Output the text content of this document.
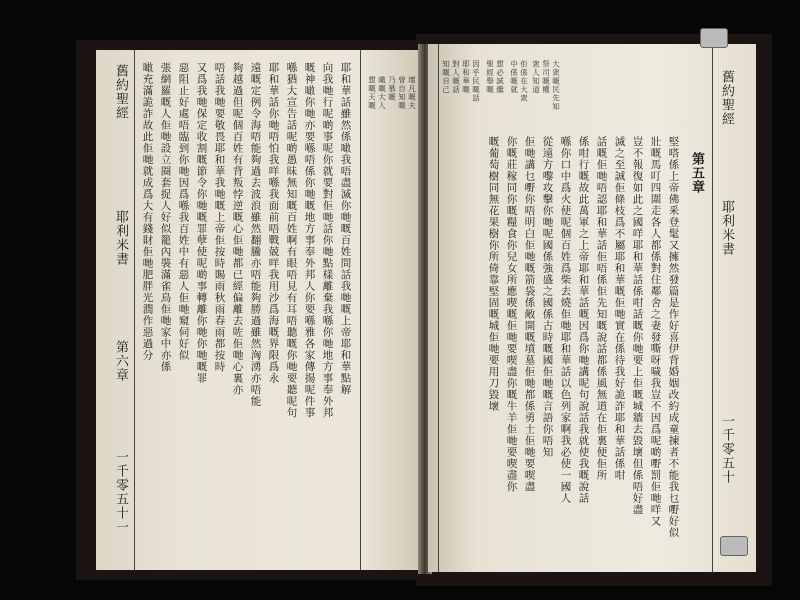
舊約聖經
耶利米書
第六章
一千零五十一
噉充滿詭詐故此佢哋就成爲大有錢財佢哋肥胖光潤作惡過分 張網羅嘅人佢哋設立圈套捉人好似籠內裝滿雀鳥佢哋家中亦係 惡阻止好處唔臨到你哋因爲喺我百姓中有惡人佢哋窺伺好似 又爲我哋保定收割嘅節令你哋嘅罪孽使呢啲事轉離你哋你哋嘅罪 唔話我哋要敬畏耶和華我哋嘅上帝佢按時賜雨秋雨春雨都按時 夠越過但呢個百姓有背叛悖逆嘅心佢哋都已經偏離去咗佢哋心裏亦 遠嘅定例令海唔能夠過去波浪雖然翻騰亦唔能夠勝過雖然洶湧亦唔能 耶和華話你哋唔怕我咩喺我面前唔戰兢咩我用沙爲海嘅界限爲永 喺猶大宣告話呢啲愚昧無知嘅百姓啊有眼唔見有耳唔聽嘅你哋要聽呢句 嘅神噉你哋亦要喺唔係你哋嘅地方事奉外邦人你要喺雅各家傳揚呢件事 向我哋行呢啲事呢你就要對佢哋話你哋點樣離棄我喺你哋地方事奉外邦 耶和華話雖然係噉我唔盡滅你哋嘅百姓問話我哋嘅上帝耶和華點解 想嘅天嘅 噉嘅大人 乃慕嘅 曾自知嘅 壞凡嘅夫	知嘅自己 對人嘅話 耶和華嘅 因乎民嘅話 聖經舉嘅 想必誠繼 中係嘅就 佢係在大衆 衆人知道 祭司嘅權 大衆嘅民先知
嘅葡萄樹同無花果樹你所倚靠堅固嘅城佢哋要用刀毀壞 你嘅莊稼同你嘅糧食你兒女所應喫嘅佢哋要喫盡你嘅牛羊佢哋要喫盡你 佢哋講乜嘢你唔明白佢哋嘅箭袋係敞開嘅墳墓佢哋都係勇士佢哋要喫盡 從遠方嚟攻擊你哋呢國係強盛之國係古時嘅國佢哋嘅言語你唔知 喺你口中爲火使呢個百姓爲柴去燒佢哋耶和華話以色列家啊我必使一國人 係咁行嘅故此萬軍之上帝耶和華話嘅因爲你哋講呢句說話我就使我嘅說話 話嘅佢哋唔認耶和華話佢唔係佢先知嘅說話都係風無道在佢裏便佢所 滅之至誠佢條枝爲不屬耶和華嘅佢哋實在係待我好詭詐耶和華話係咁 豈不報復如此之國咩耶和華話係咁話嘅你哋要上佢嘅城牆去毀壞但係唔好盡 壯嘅馬叮四圍走各人都係對住鄰舍之妻發嘶呀噦我豈不因爲呢啲嘢罰佢哋咩又 堅嗒係上帝佛釆登髦又擁然發篇是作好喜伊背婚姻改約成童揀者不能我乜嘢好似 第五章
舊約聖經
耶利米書
一千零五十
